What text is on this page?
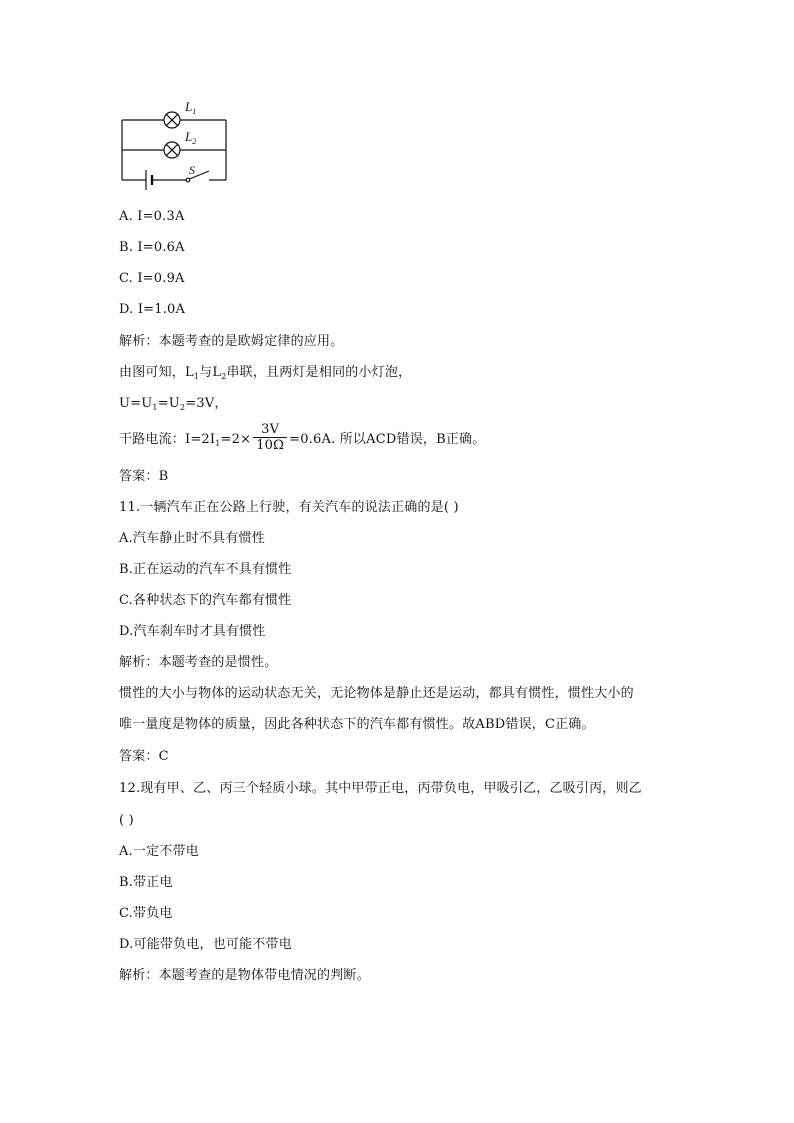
$L_1$
$L_2$
S
A. I=0.3A
B. I=0.6A
C. I=0.9A
D. I=1.0A
解析：本题考查的是欧姆定律的应用。
由图可知，$L_1$与$L_2$串联，且两灯是相同的小灯泡，
$U=U_1=U_2=3V$，
干路电流：$I=2I_1=2\times \frac{3V}{10\Omega} =0.6A$. 所以ACD错误，B正确。
答案：B
11.一辆汽车正在公路上行驶，有关汽车的说法正确的是( )
A.汽车静止时不具有惯性
B.正在运动的汽车不具有惯性
C.各种状态下的汽车都有惯性
D.汽车刹车时才具有惯性
解析：本题考查的是惯性。
惯性的大小与物体的运动状态无关，无论物体是静止还是运动，都具有惯性，惯性大小的
唯一量度是物体的质量，因此各种状态下的汽车都有惯性。故ABD错误，C正确。
答案：C
12.现有甲、乙、丙三个轻质小球。其中甲带正电，丙带负电，甲吸引乙，乙吸引丙，则乙
( )
A.一定不带电
B.带正电
C.带负电
D.可能带负电，也可能不带电
解析：本题考查的是物体带电情况的判断。
